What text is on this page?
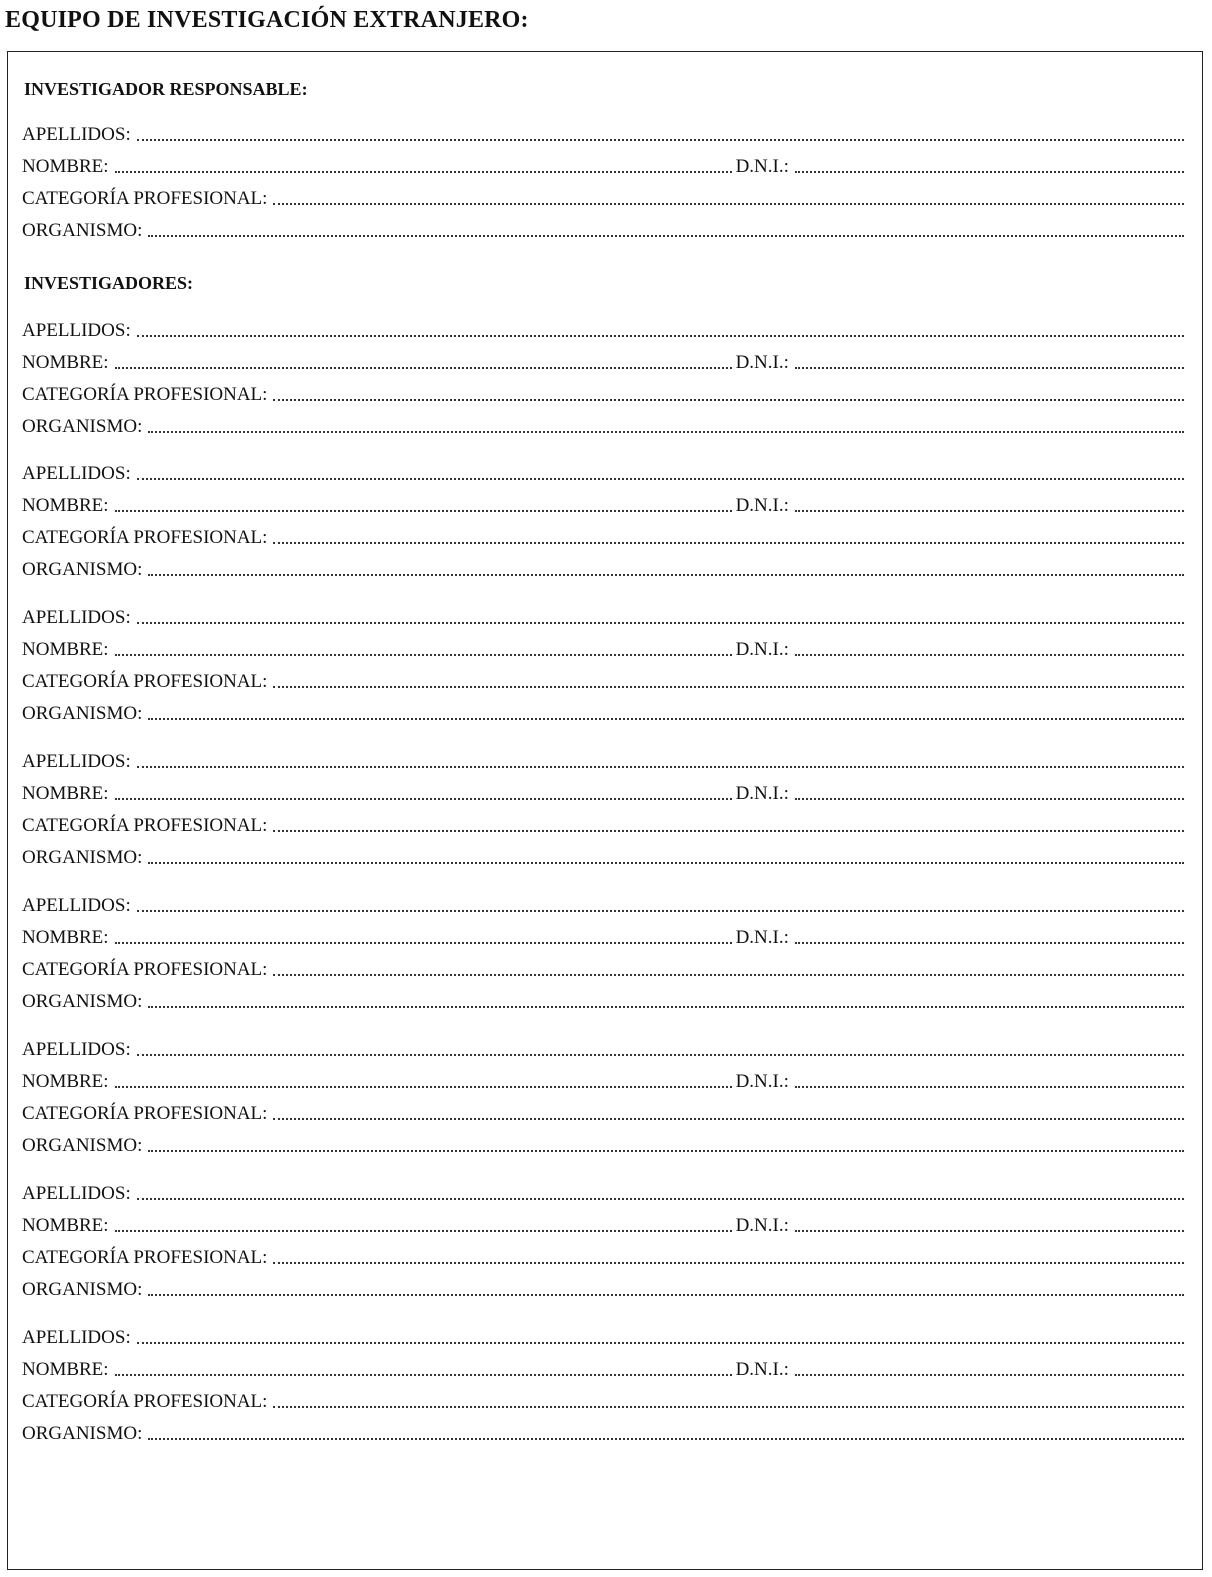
EQUIPO DE INVESTIGACIÓN EXTRANJERO:
INVESTIGADOR RESPONSABLE:
APELLIDOS:
NOMBRE:	D.N.I.:
CATEGORÍA PROFESIONAL:
ORGANISMO:
INVESTIGADORES:
APELLIDOS:
NOMBRE:	D.N.I.:
CATEGORÍA PROFESIONAL:
ORGANISMO:
APELLIDOS:
NOMBRE:	D.N.I.:
CATEGORÍA PROFESIONAL:
ORGANISMO:
APELLIDOS:
NOMBRE:	D.N.I.:
CATEGORÍA PROFESIONAL:
ORGANISMO:
APELLIDOS:
NOMBRE:	D.N.I.:
CATEGORÍA PROFESIONAL:
ORGANISMO:
APELLIDOS:
NOMBRE:	D.N.I.:
CATEGORÍA PROFESIONAL:
ORGANISMO:
APELLIDOS:
NOMBRE:	D.N.I.:
CATEGORÍA PROFESIONAL:
ORGANISMO:
APELLIDOS:
NOMBRE:	D.N.I.:
CATEGORÍA PROFESIONAL:
ORGANISMO:
APELLIDOS:
NOMBRE:	D.N.I.:
CATEGORÍA PROFESIONAL:
ORGANISMO:
